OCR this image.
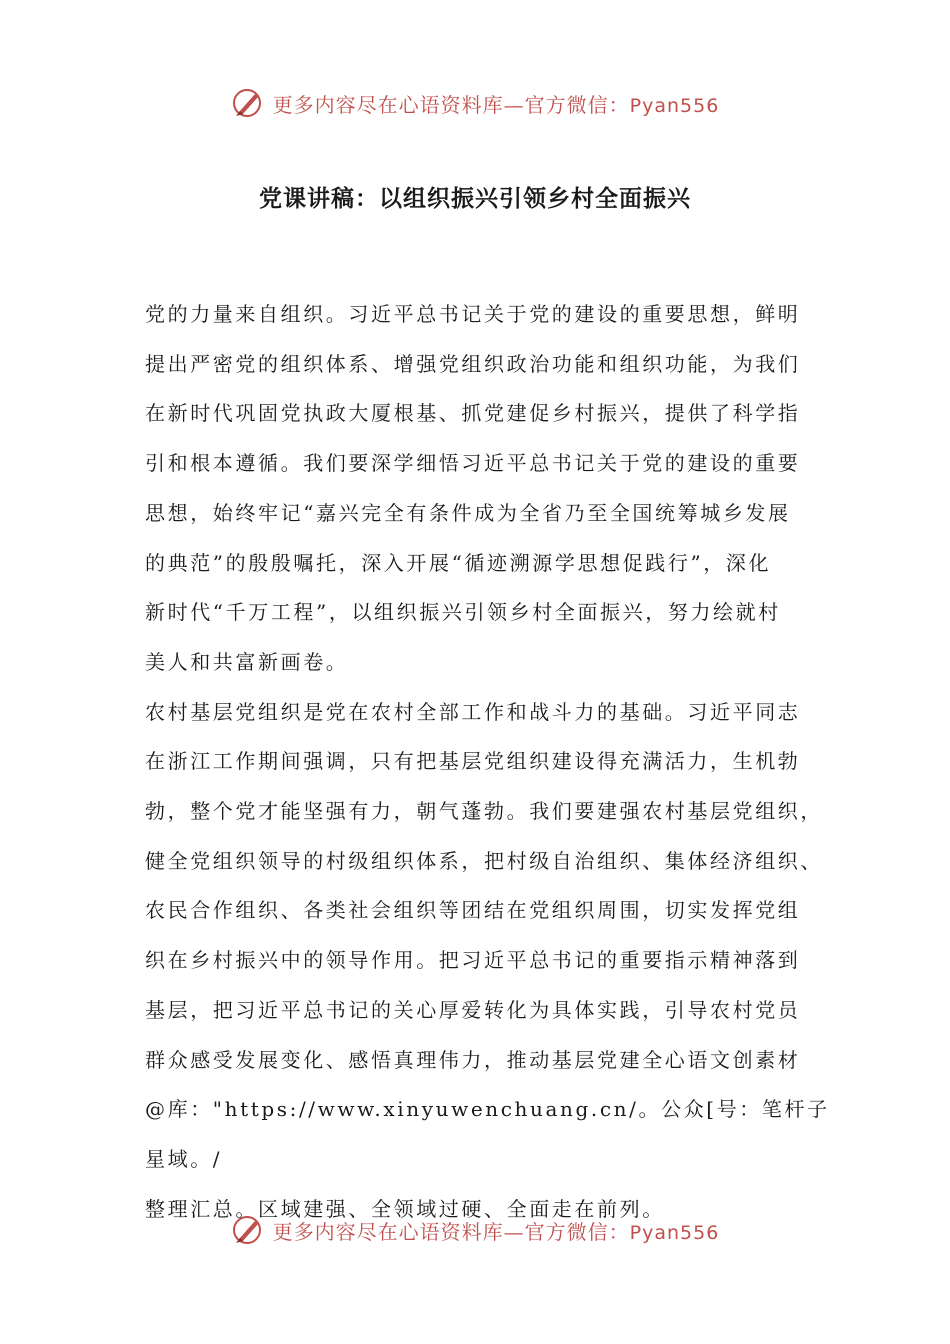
更多内容尽在心语资料库—官方微信：Pyan556
党课讲稿：以组织振兴引领乡村全面振兴

党的力量来自组织。习近平总书记关于党的建设的重要思想，鲜明
提出严密党的组织体系、增强党组织政治功能和组织功能，为我们
在新时代巩固党执政大厦根基、抓党建促乡村振兴，提供了科学指
引和根本遵循。我们要深学细悟习近平总书记关于党的建设的重要
思想，始终牢记“嘉兴完全有条件成为全省乃至全国统筹城乡发展
的典范”的殷殷嘱托，深入开展“循迹溯源学思想促践行”，深化
新时代“千万工程”，以组织振兴引领乡村全面振兴，努力绘就村
美人和共富新画卷。

农村基层党组织是党在农村全部工作和战斗力的基础。习近平同志
在浙江工作期间强调，只有把基层党组织建设得充满活力，生机勃
勃，整个党才能坚强有力，朝气蓬勃。我们要建强农村基层党组织，
健全党组织领导的村级组织体系，把村级自治组织、集体经济组织、
农民合作组织、各类社会组织等团结在党组织周围，切实发挥党组
织在乡村振兴中的领导作用。把习近平总书记的重要指示精神落到
基层，把习近平总书记的关心厚爱转化为具体实践，引导农村党员
群众感受发展变化、感悟真理伟力，推动基层党建全心语文创素材
@库："https://www.xinyuwenchuang.cn/。公众[号：笔杆子星域。/
整理汇总。区域建强、全领域过硬、全面走在前列。

更多内容尽在心语资料库—官方微信：Pyan556
